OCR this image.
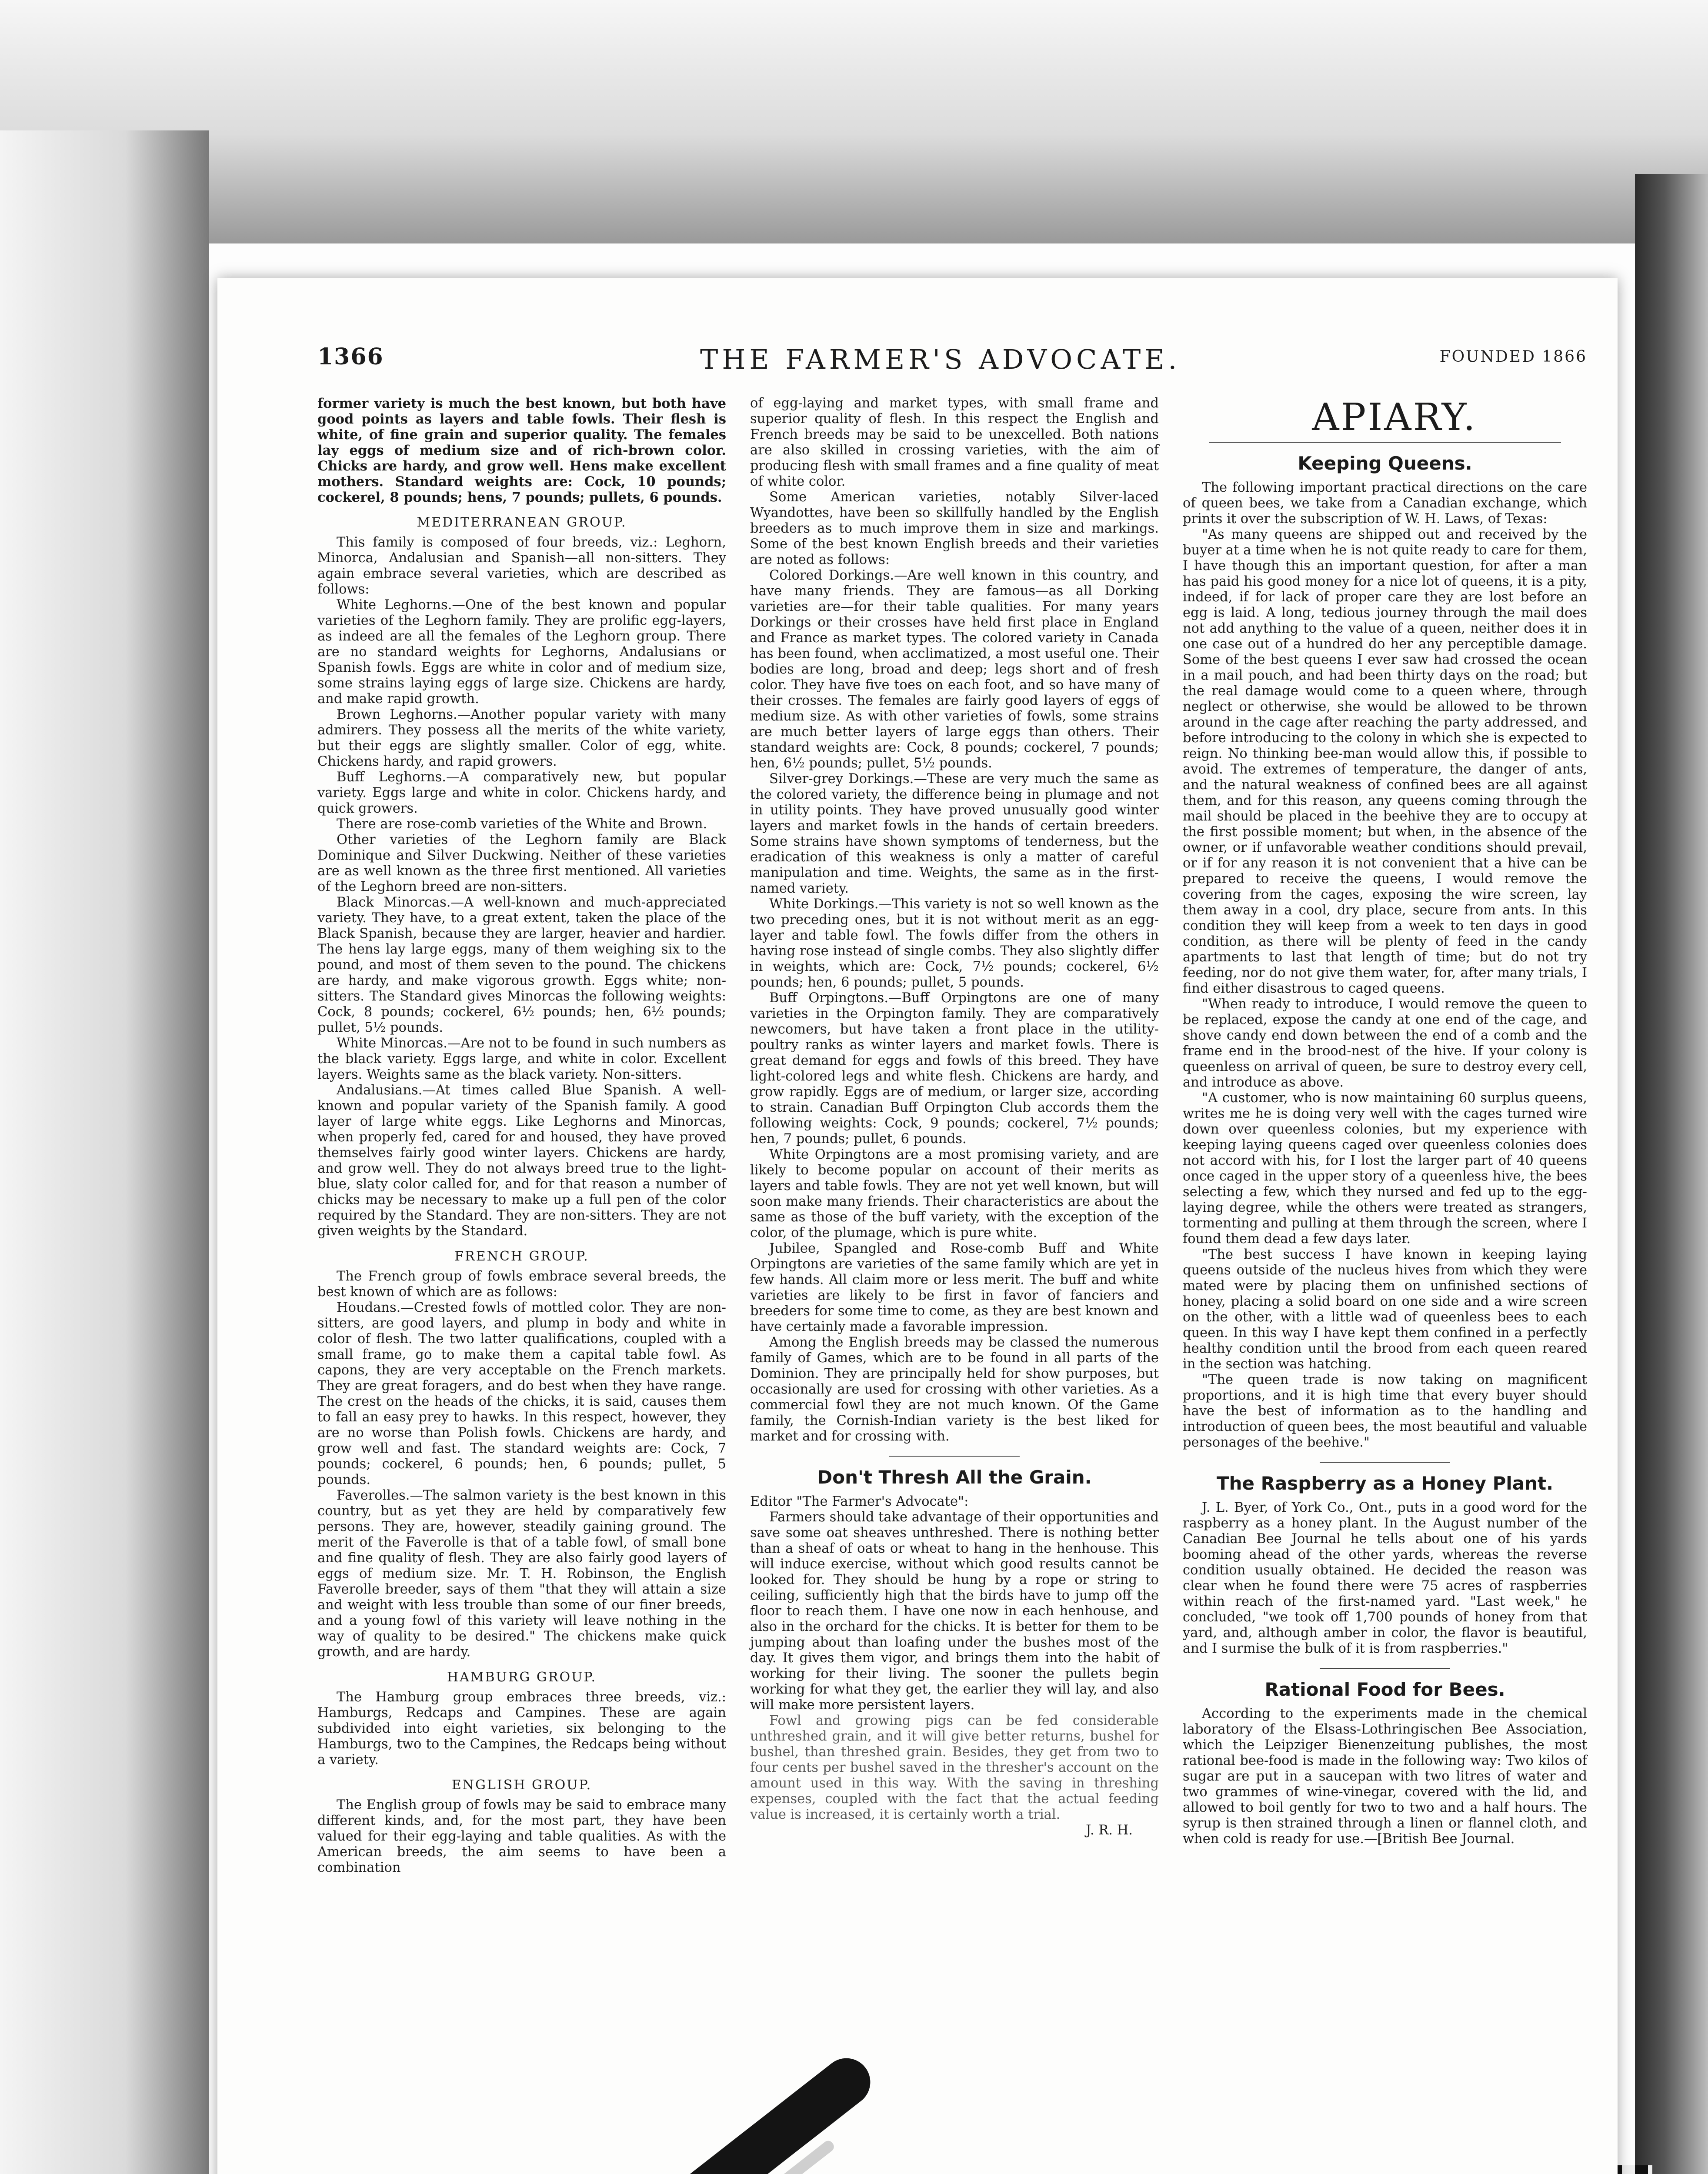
1366	THE FARMER'S ADVOCATE.	FOUNDED 1866

former variety is much the best known, but both have good points as layers and table fowls. Their flesh is white, of fine grain and superior quality. The females lay eggs of medium size and of rich-brown color. Chicks are hardy, and grow well. Hens make excellent mothers. Standard weights are: Cock, 10 pounds; cockerel, 8 pounds; hens, 7 pounds; pullets, 6 pounds.

MEDITERRANEAN GROUP.

This family is composed of four breeds, viz.: Leghorn, Minorca, Andalusian and Spanish—all non-sitters. They again embrace several varieties, which are described as follows:

White Leghorns.—One of the best known and popular varieties of the Leghorn family. They are prolific egg-layers, as indeed are all the females of the Leghorn group. There are no standard weights for Leghorns, Andalusians or Spanish fowls. Eggs are white in color and of medium size, some strains laying eggs of large size. Chickens are hardy, and make rapid growth.

Brown Leghorns.—Another popular variety with many admirers. They possess all the merits of the white variety, but their eggs are slightly smaller. Color of egg, white. Chickens hardy, and rapid growers.

Buff Leghorns.—A comparatively new, but popular variety. Eggs large and white in color. Chickens hardy, and quick growers.

There are rose-comb varieties of the White and Brown.

Other varieties of the Leghorn family are Black Dominique and Silver Duckwing. Neither of these varieties are as well known as the three first mentioned. All varieties of the Leghorn breed are non-sitters.

Black Minorcas.—A well-known and much-appreciated variety. They have, to a great extent, taken the place of the Black Spanish, because they are larger, heavier and hardier. The hens lay large eggs, many of them weighing six to the pound, and most of them seven to the pound. The chickens are hardy, and make vigorous growth. Eggs white; non-sitters. The Standard gives Minorcas the following weights: Cock, 8 pounds; cockerel, 6½ pounds; hen, 6½ pounds; pullet, 5½ pounds.

White Minorcas.—Are not to be found in such numbers as the black variety. Eggs large, and white in color. Excellent layers. Weights same as the black variety. Non-sitters.

Andalusians.—At times called Blue Spanish. A well-known and popular variety of the Spanish family. A good layer of large white eggs. Like Leghorns and Minorcas, when properly fed, cared for and housed, they have proved themselves fairly good winter layers. Chickens are hardy, and grow well. They do not always breed true to the light-blue, slaty color called for, and for that reason a number of chicks may be necessary to make up a full pen of the color required by the Standard. They are non-sitters. They are not given weights by the Standard.

FRENCH GROUP.

The French group of fowls embrace several breeds, the best known of which are as follows:

Houdans.—Crested fowls of mottled color. They are non-sitters, are good layers, and plump in body and white in color of flesh. The two latter qualifications, coupled with a small frame, go to make them a capital table fowl. As capons, they are very acceptable on the French markets. They are great foragers, and do best when they have range. The crest on the heads of the chicks, it is said, causes them to fall an easy prey to hawks. In this respect, however, they are no worse than Polish fowls. Chickens are hardy, and grow well and fast. The standard weights are: Cock, 7 pounds; cockerel, 6 pounds; hen, 6 pounds; pullet, 5 pounds.

Faverolles.—The salmon variety is the best known in this country, but as yet they are held by comparatively few persons. They are, however, steadily gaining ground. The merit of the Faverolle is that of a table fowl, of small bone and fine quality of flesh. They are also fairly good layers of eggs of medium size. Mr. T. H. Robinson, the English Faverolle breeder, says of them "that they will attain a size and weight with less trouble than some of our finer breeds, and a young fowl of this variety will leave nothing in the way of quality to be desired." The chickens make quick growth, and are hardy.

HAMBURG GROUP.

The Hamburg group embraces three breeds, viz.: Hamburgs, Redcaps and Campines. These are again subdivided into eight varieties, six belonging to the Hamburgs, two to the Campines, the Redcaps being without a variety.

ENGLISH GROUP.

The English group of fowls may be said to embrace many different kinds, and, for the most part, they have been valued for their egg-laying and table qualities. As with the American breeds, the aim seems to have been a combination

of egg-laying and market types, with small frame and superior quality of flesh. In this respect the English and French breeds may be said to be unexcelled. Both nations are also skilled in crossing varieties, with the aim of producing flesh with small frames and a fine quality of meat of white color.

Some American varieties, notably Silver-laced Wyandottes, have been so skillfully handled by the English breeders as to much improve them in size and markings. Some of the best known English breeds and their varieties are noted as follows:

Colored Dorkings.—Are well known in this country, and have many friends. They are famous—as all Dorking varieties are—for their table qualities. For many years Dorkings or their crosses have held first place in England and France as market types. The colored variety in Canada has been found, when acclimatized, a most useful one. Their bodies are long, broad and deep; legs short and of fresh color. They have five toes on each foot, and so have many of their crosses. The females are fairly good layers of eggs of medium size. As with other varieties of fowls, some strains are much better layers of large eggs than others. Their standard weights are: Cock, 8 pounds; cockerel, 7 pounds; hen, 6½ pounds; pullet, 5½ pounds.

Silver-grey Dorkings.—These are very much the same as the colored variety, the difference being in plumage and not in utility points. They have proved unusually good winter layers and market fowls in the hands of certain breeders. Some strains have shown symptoms of tenderness, but the eradication of this weakness is only a matter of careful manipulation and time. Weights, the same as in the first-named variety.

White Dorkings.—This variety is not so well known as the two preceding ones, but it is not without merit as an egg-layer and table fowl. The fowls differ from the others in having rose instead of single combs. They also slightly differ in weights, which are: Cock, 7½ pounds; cockerel, 6½ pounds; hen, 6 pounds; pullet, 5 pounds.

Buff Orpingtons.—Buff Orpingtons are one of many varieties in the Orpington family. They are comparatively newcomers, but have taken a front place in the utility-poultry ranks as winter layers and market fowls. There is great demand for eggs and fowls of this breed. They have light-colored legs and white flesh. Chickens are hardy, and grow rapidly. Eggs are of medium, or larger size, according to strain. Canadian Buff Orpington Club accords them the following weights: Cock, 9 pounds; cockerel, 7½ pounds; hen, 7 pounds; pullet, 6 pounds.

White Orpingtons are a most promising variety, and are likely to become popular on account of their merits as layers and table fowls. They are not yet well known, but will soon make many friends. Their characteristics are about the same as those of the buff variety, with the exception of the color, of the plumage, which is pure white.

Jubilee, Spangled and Rose-comb Buff and White Orpingtons are varieties of the same family which are yet in few hands. All claim more or less merit. The buff and white varieties are likely to be first in favor of fanciers and breeders for some time to come, as they are best known and have certainly made a favorable impression.

Among the English breeds may be classed the numerous family of Games, which are to be found in all parts of the Dominion. They are principally held for show purposes, but occasionally are used for crossing with other varieties. As a commercial fowl they are not much known. Of the Game family, the Cornish-Indian variety is the best liked for market and for crossing with.

Don't Thresh All the Grain.

Editor "The Farmer's Advocate":

Farmers should take advantage of their opportunities and save some oat sheaves unthreshed. There is nothing better than a sheaf of oats or wheat to hang in the henhouse. This will induce exercise, without which good results cannot be looked for. They should be hung by a rope or string to ceiling, sufficiently high that the birds have to jump off the floor to reach them. I have one now in each henhouse, and also in the orchard for the chicks. It is better for them to be jumping about than loafing under the bushes most of the day. It gives them vigor, and brings them into the habit of working for their living. The sooner the pullets begin working for what they get, the earlier they will lay, and also will make more persistent layers.

Fowl and growing pigs can be fed considerable unthreshed grain, and it will give better returns, bushel for bushel, than threshed grain. Besides, they get from two to four cents per bushel saved in the thresher's account on the amount used in this way. With the saving in threshing expenses, coupled with the fact that the actual feeding value is increased, it is certainly worth a trial.

J. R. H.

APIARY.

Keeping Queens.

The following important practical directions on the care of queen bees, we take from a Canadian exchange, which prints it over the subscription of W. H. Laws, of Texas:

"As many queens are shipped out and received by the buyer at a time when he is not quite ready to care for them, I have though this an important question, for after a man has paid his good money for a nice lot of queens, it is a pity, indeed, if for lack of proper care they are lost before an egg is laid. A long, tedious journey through the mail does not add anything to the value of a queen, neither does it in one case out of a hundred do her any perceptible damage. Some of the best queens I ever saw had crossed the ocean in a mail pouch, and had been thirty days on the road; but the real damage would come to a queen where, through neglect or otherwise, she would be allowed to be thrown around in the cage after reaching the party addressed, and before introducing to the colony in which she is expected to reign. No thinking bee-man would allow this, if possible to avoid. The extremes of temperature, the danger of ants, and the natural weakness of confined bees are all against them, and for this reason, any queens coming through the mail should be placed in the beehive they are to occupy at the first possible moment; but when, in the absence of the owner, or if unfavorable weather conditions should prevail, or if for any reason it is not convenient that a hive can be prepared to receive the queens, I would remove the covering from the cages, exposing the wire screen, lay them away in a cool, dry place, secure from ants. In this condition they will keep from a week to ten days in good condition, as there will be plenty of feed in the candy apartments to last that length of time; but do not try feeding, nor do not give them water, for, after many trials, I find either disastrous to caged queens.

"When ready to introduce, I would remove the queen to be replaced, expose the candy at one end of the cage, and shove candy end down between the end of a comb and the frame end in the brood-nest of the hive. If your colony is queenless on arrival of queen, be sure to destroy every cell, and introduce as above.

"A customer, who is now maintaining 60 surplus queens, writes me he is doing very well with the cages turned wire down over queenless colonies, but my experience with keeping laying queens caged over queenless colonies does not accord with his, for I lost the larger part of 40 queens once caged in the upper story of a queenless hive, the bees selecting a few, which they nursed and fed up to the egg-laying degree, while the others were treated as strangers, tormenting and pulling at them through the screen, where I found them dead a few days later.

"The best success I have known in keeping laying queens outside of the nucleus hives from which they were mated were by placing them on unfinished sections of honey, placing a solid board on one side and a wire screen on the other, with a little wad of queenless bees to each queen. In this way I have kept them confined in a perfectly healthy condition until the brood from each queen reared in the section was hatching.

"The queen trade is now taking on magnificent proportions, and it is high time that every buyer should have the best of information as to the handling and introduction of queen bees, the most beautiful and valuable personages of the beehive."

The Raspberry as a Honey Plant.

J. L. Byer, of York Co., Ont., puts in a good word for the raspberry as a honey plant. In the August number of the Canadian Bee Journal he tells about one of his yards booming ahead of the other yards, whereas the reverse condition usually obtained. He decided the reason was clear when he found there were 75 acres of raspberries within reach of the first-named yard. "Last week," he concluded, "we took off 1,700 pounds of honey from that yard, and, although amber in color, the flavor is beautiful, and I surmise the bulk of it is from raspberries."

Rational Food for Bees.

According to the experiments made in the chemical laboratory of the Elsass-Lothringischen Bee Association, which the Leipziger Bienenzeitung publishes, the most rational bee-food is made in the following way: Two kilos of sugar are put in a saucepan with two litres of water and two grammes of wine-vinegar, covered with the lid, and allowed to boil gently for two to two and a half hours. The syrup is then strained through a linen or flannel cloth, and when cold is ready for use.—[British Bee Journal.
